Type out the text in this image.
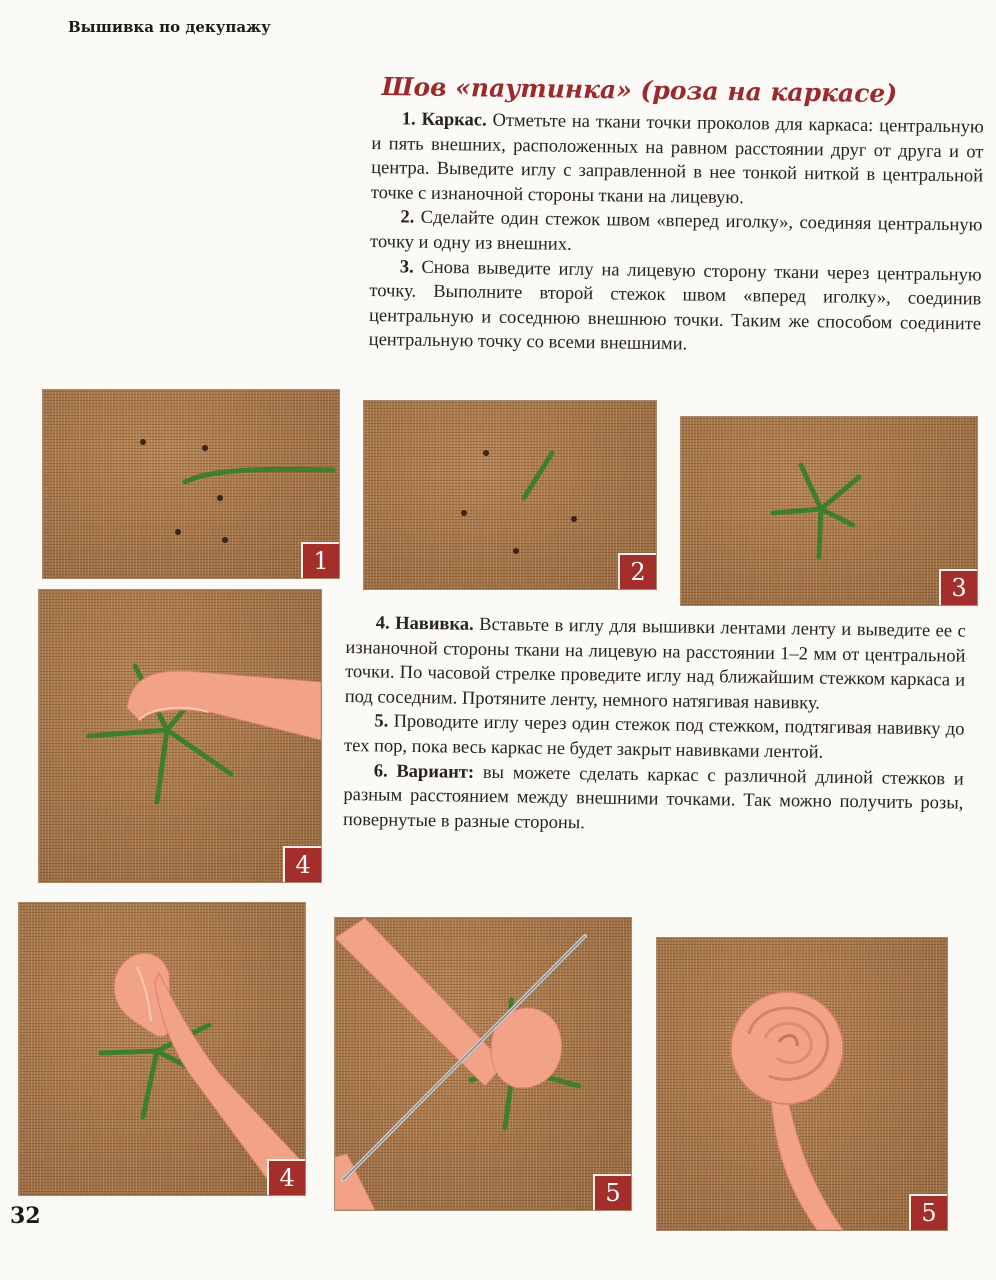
Вышивка по декупажу
Шов «паутинка» (роза на каркасе)

1. Каркас. Отметьте на ткани точки проколов для каркаса: центральную и пять внешних, расположенных на равном расстоянии друг от друга и от центра. Выведите иглу с заправленной в нее тонкой ниткой в центральной точке с изнаночной стороны ткани на лицевую.

2. Сделайте один стежок швом «вперед иголку», соединяя центральную точку и одну из внешних.

3. Снова выведите иглу на лицевую сторону ткани через центральную точку. Выполните второй стежок швом «вперед иголку», соединив центральную и соседнюю внешнюю точки. Таким же способом соедините центральную точку со всеми внешними.

4. Навивка. Вставьте в иглу для вышивки лентами ленту и выведите ее с изнаночной стороны ткани на лицевую на расстоянии 1–2 мм от центральной точки. По часовой стрелке проведите иглу над ближайшим стежком каркаса и под соседним. Протяните ленту, немного натягивая навивку.

5. Проводите иглу через один стежок под стежком, подтягивая навивку до тех пор, пока весь каркас не будет закрыт навивками лентой.

6. Вариант: вы можете сделать каркас с различной длиной стежков и разным расстоянием между внешними точками. Так можно получить розы, повернутые в разные стороны.

1	2
3
4
4
5
5
32
